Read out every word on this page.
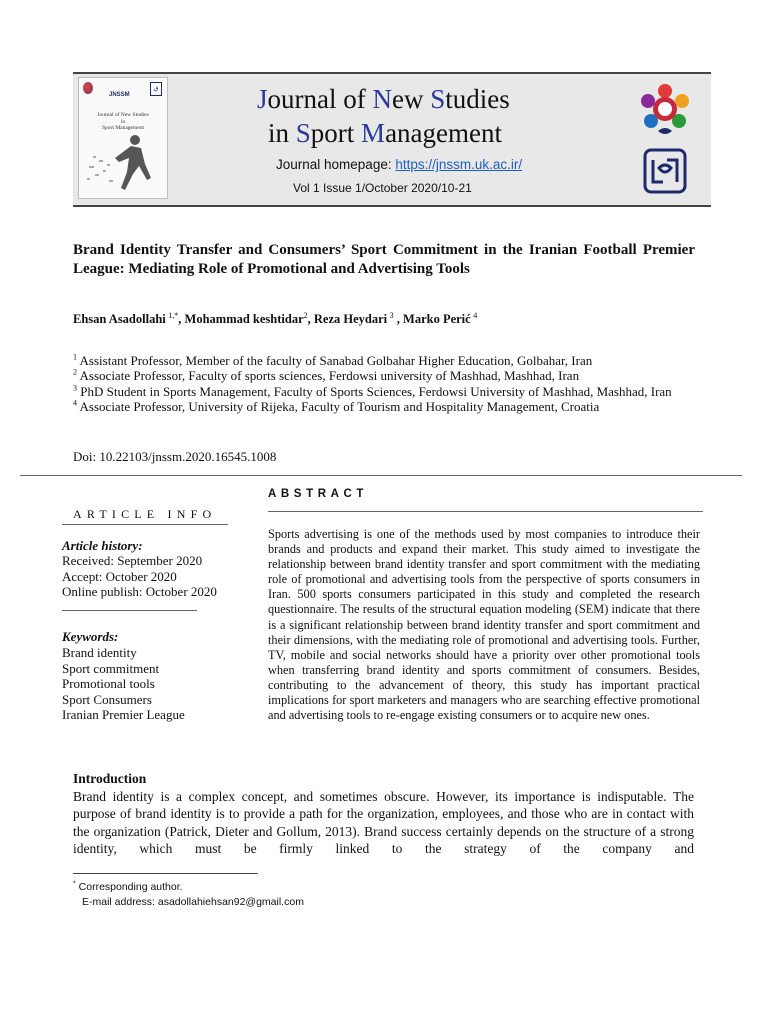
JNSSM
ق
Journal of New Studies
in
Sport Management
Journal of New Studies
in Sport Management
Journal homepage: https://jnssm.uk.ac.ir/
Vol 1 Issue 1/October 2020/10-21
Brand Identity Transfer and Consumers’ Sport Commitment in the Iranian Football Premier League: Mediating Role of Promotional and Advertising Tools
Ehsan Asadollahi  $^{1,*}$, Mohammad keshtidar$^2$, Reza Heydari  $^3$ , Marko Perić  $^4$
$^1$ Assistant Professor, Member of the faculty of Sanabad Golbahar Higher Education, Golbahar, Iran
$^2$ Associate Professor, Faculty of sports sciences, Ferdowsi university of Mashhad, Mashhad, Iran
$^3$ PhD Student in Sports Management, Faculty of Sports Sciences, Ferdowsi University of Mashhad, Mashhad, Iran
$^4$ Associate Professor, University of Rijeka, Faculty of Tourism and Hospitality Management, Croatia
Doi: 10.22103/jnssm.2020.16545.1008
ARTICLE INFO
Article history:
Received: September 2020
Accept: October 2020
Online publish: October 2020
Keywords:
Brand identity
Sport commitment
Promotional tools
Sport Consumers
Iranian Premier League
ABSTRACT
Sports advertising is one of the methods used by most companies to introduce their brands and products and expand their market. This study aimed to investigate the relationship between brand identity transfer and sport commitment with the mediating role of promotional and advertising tools from the perspective of sports consumers in Iran. 500 sports consumers participated in this study and completed the research questionnaire. The results of the structural equation modeling (SEM) indicate that there is a significant relationship between brand identity transfer and sport commitment and their dimensions, with the mediating role of promotional and advertising tools. Further, TV, mobile and social networks should have a priority over other promotional tools when transferring brand identity and sports commitment of consumers. Besides, contributing to the advancement of theory, this study has important practical implications for sport marketers and managers who are searching effective promotional and advertising tools to re-engage existing consumers or to acquire new ones.
Introduction
Brand identity is a complex concept, and sometimes obscure. However, its importance is indisputable. The purpose of brand identity is to provide a path for the organization, employees, and those who are in contact with the organization (Patrick, Dieter and Gollum, 2013). Brand success certainly depends on the structure of a strong identity, which must be firmly linked to the strategy of the company and
* Corresponding author.
E-mail address: asadollahiehsan92@gmail.com
